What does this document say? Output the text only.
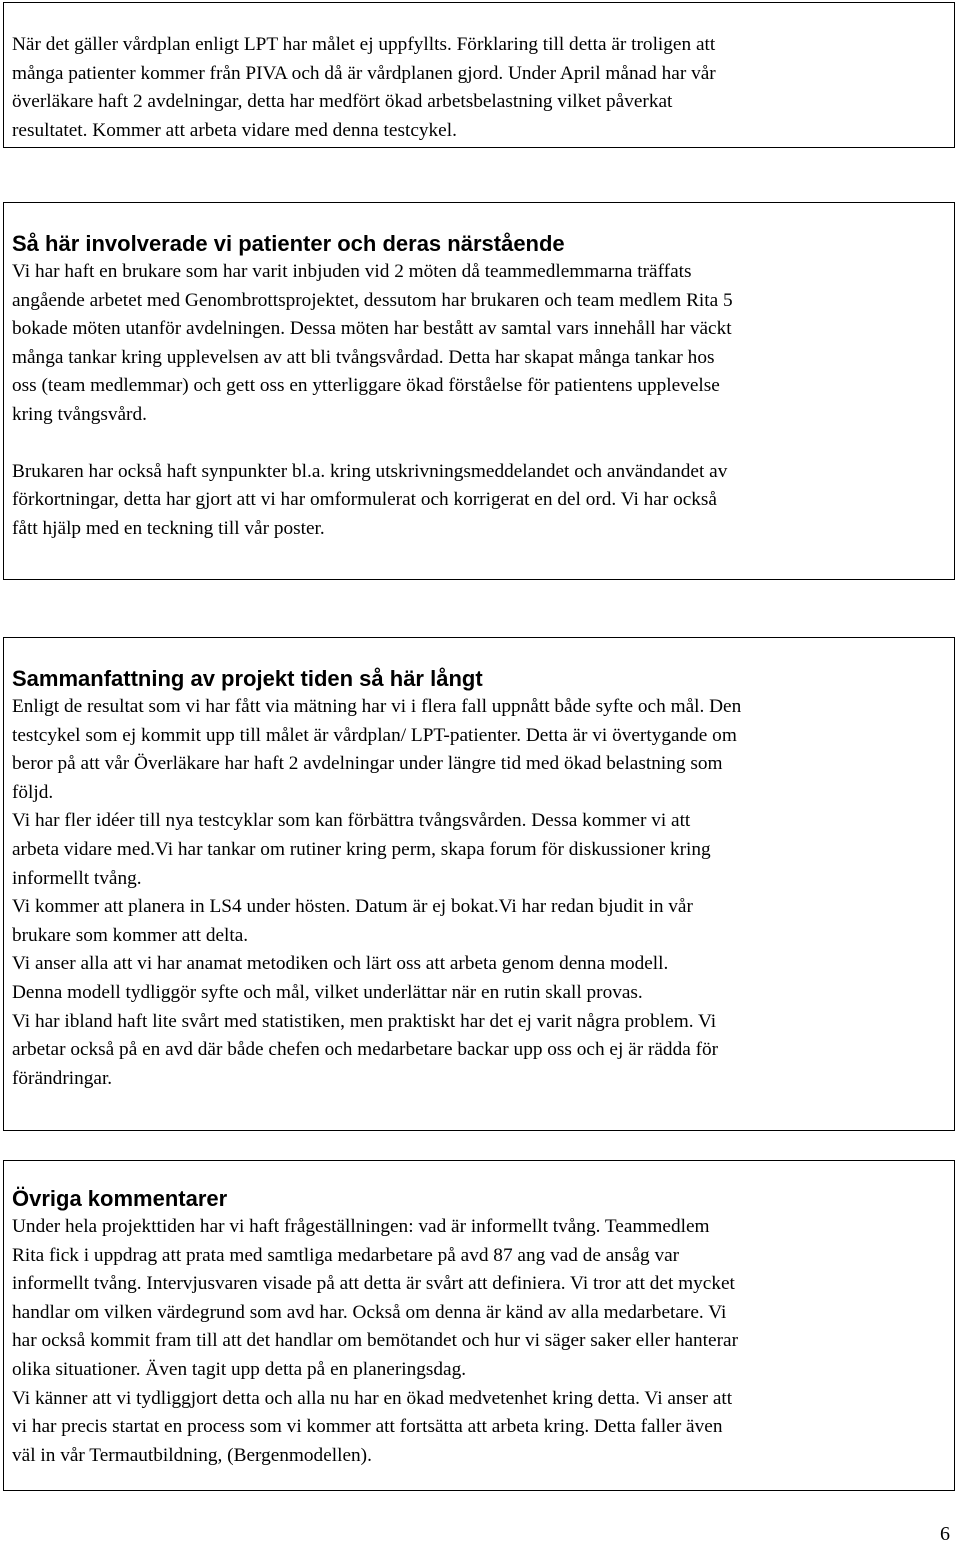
När det gäller vårdplan enligt LPT har målet ej uppfyllts. Förklaring till detta är troligen att
många patienter kommer från PIVA och då är vårdplanen gjord. Under April månad har vår
överläkare haft 2 avdelningar, detta har medfört ökad arbetsbelastning vilket påverkat
resultatet. Kommer att arbeta vidare med denna testcykel.

Så här involverade vi patienter och deras närstående

Vi har haft en brukare som har varit inbjuden vid 2 möten då teammedlemmarna träffats
angående arbetet med Genombrottsprojektet, dessutom har brukaren och team medlem Rita 5
bokade möten utanför avdelningen. Dessa möten har bestått av samtal vars innehåll har väckt
många tankar kring upplevelsen av att bli tvångsvårdad. Detta har skapat många tankar hos
oss (team medlemmar) och gett oss en ytterliggare ökad förståelse för patientens upplevelse
kring tvångsvård.

Brukaren har också haft synpunkter bl.a. kring utskrivningsmeddelandet och användandet av
förkortningar, detta har gjort att vi har omformulerat och korrigerat en del ord. Vi har också
fått hjälp med en teckning till vår poster.

Sammanfattning av projekt tiden så här långt

Enligt de resultat som vi har fått via mätning har vi i flera fall uppnått både syfte och mål. Den
testcykel som ej kommit upp till målet är vårdplan/ LPT-patienter. Detta är vi övertygande om
beror på att vår Överläkare har haft 2 avdelningar under längre tid med ökad belastning som
följd.
Vi har fler idéer till nya testcyklar som kan förbättra tvångsvården. Dessa kommer vi att
arbeta vidare med.Vi har tankar om rutiner kring perm, skapa forum för diskussioner kring
informellt tvång.
Vi kommer att planera in LS4 under hösten. Datum är ej bokat.Vi har redan bjudit in vår
brukare som kommer att delta.
Vi anser alla att vi har anamat metodiken och lärt oss att arbeta genom denna modell.
Denna modell tydliggör syfte och mål, vilket underlättar när en rutin skall provas.
Vi har ibland haft lite svårt med statistiken, men praktiskt har det ej varit några problem. Vi
arbetar också på en avd där både chefen och medarbetare backar upp oss och ej är rädda för
förändringar.

Övriga kommentarer

Under hela projekttiden har vi haft frågeställningen: vad är informellt tvång. Teammedlem
Rita fick i uppdrag att prata med samtliga medarbetare på avd 87 ang vad de ansåg var
informellt tvång. Intervjusvaren visade på att detta är svårt att definiera. Vi tror att det mycket
handlar om vilken värdegrund som avd har. Också om denna är känd av alla medarbetare. Vi
har också kommit fram till att det handlar om bemötandet och hur vi säger saker eller hanterar
olika situationer. Även tagit upp detta på en planeringsdag.
Vi känner att vi tydliggjort detta och alla nu har en ökad medvetenhet kring detta. Vi anser att
vi har precis startat en process som vi kommer att fortsätta att arbeta kring. Detta faller även
väl in vår Termautbildning, (Bergenmodellen).

6
